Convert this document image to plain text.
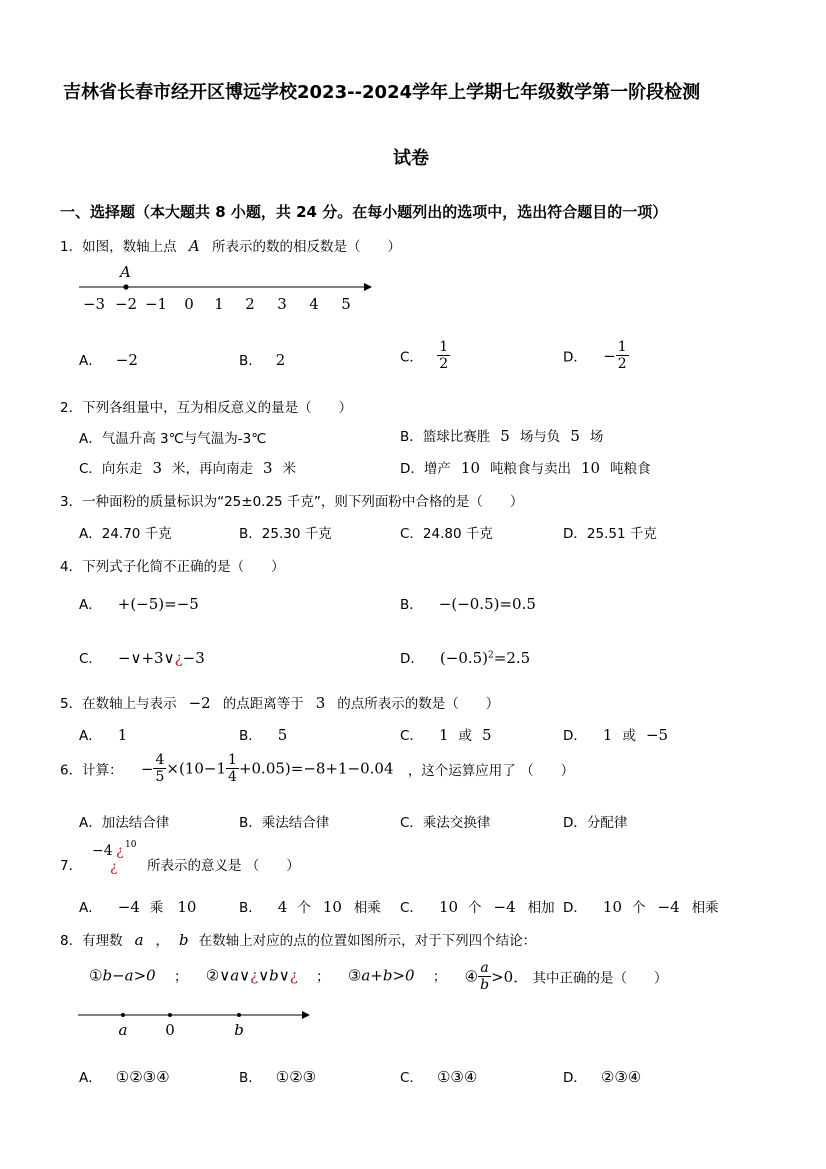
吉林省长春市经开区博远学校2023--2024学年上学期七年级数学第一阶段检测
试卷
一、选择题（本大题共 8 小题，共 24 分。在每小题列出的选项中，选出符合题目的一项）
1．如图，数轴上点 A 所表示的数的相反数是（　　）
A
−3 −2 −1 0 1 2 3 4 5
A． −2	B． 2	C． $\frac{1}{2}$	D． − $\frac{1}{2}$
2．下列各组量中，互为相反意义的量是（　　）
A．气温升高 3℃与气温为-3℃	B．篮球比赛胜 5 场与负 5 场
C．向东走 3 米，再向南走 3 米	D．增产 10 吨粮食与卖出 10 吨粮食
3．一种面粉的质量标识为“25±0.25 千克”，则下列面粉中合格的是（　　）
A．24.70 千克	B．25.30 千克	C．24.80 千克	D．25.51 千克
4．下列式子化简不正确的是（　　）
A． +(−5)=−5	B． −(−0.5)=0.5
C． −∨+3∨¿−3	D． $(-0.5)^2=2.5$
5．在数轴上与表示 −2 的点距离等于 3 的点所表示的数是（　　）
A． 1	B． 5	C． 1 或 5	D． 1 或 −5
6．计算： − $\frac{4}{5} \times(10-1 \frac{1}{4} +0.05)=-8+1-0.04$ ，这个运算应用了 （　　）
A．加法结合律	B．乘法结合律	C．乘法交换律	D．分配律
7．
−4 ¿ 10
¿ 所表示的意义是 （　　）
A． −4 乘 10	B． 4 个 10 相乘 C． 10 个 −4 相加 D． 10 个 −4 相乘
8．有理数 a ， b 在数轴上对应的点的位置如图所示，对于下列四个结论：
①b−a>0 ； ②∨a∨¿∨b∨¿ ； ③a+b>0 ； ④ $\frac{a}{b} >0$． 其中正确的是（　　）
a	0	b
A． ①②③④	B． ①②③	C． ①③④	D． ②③④
